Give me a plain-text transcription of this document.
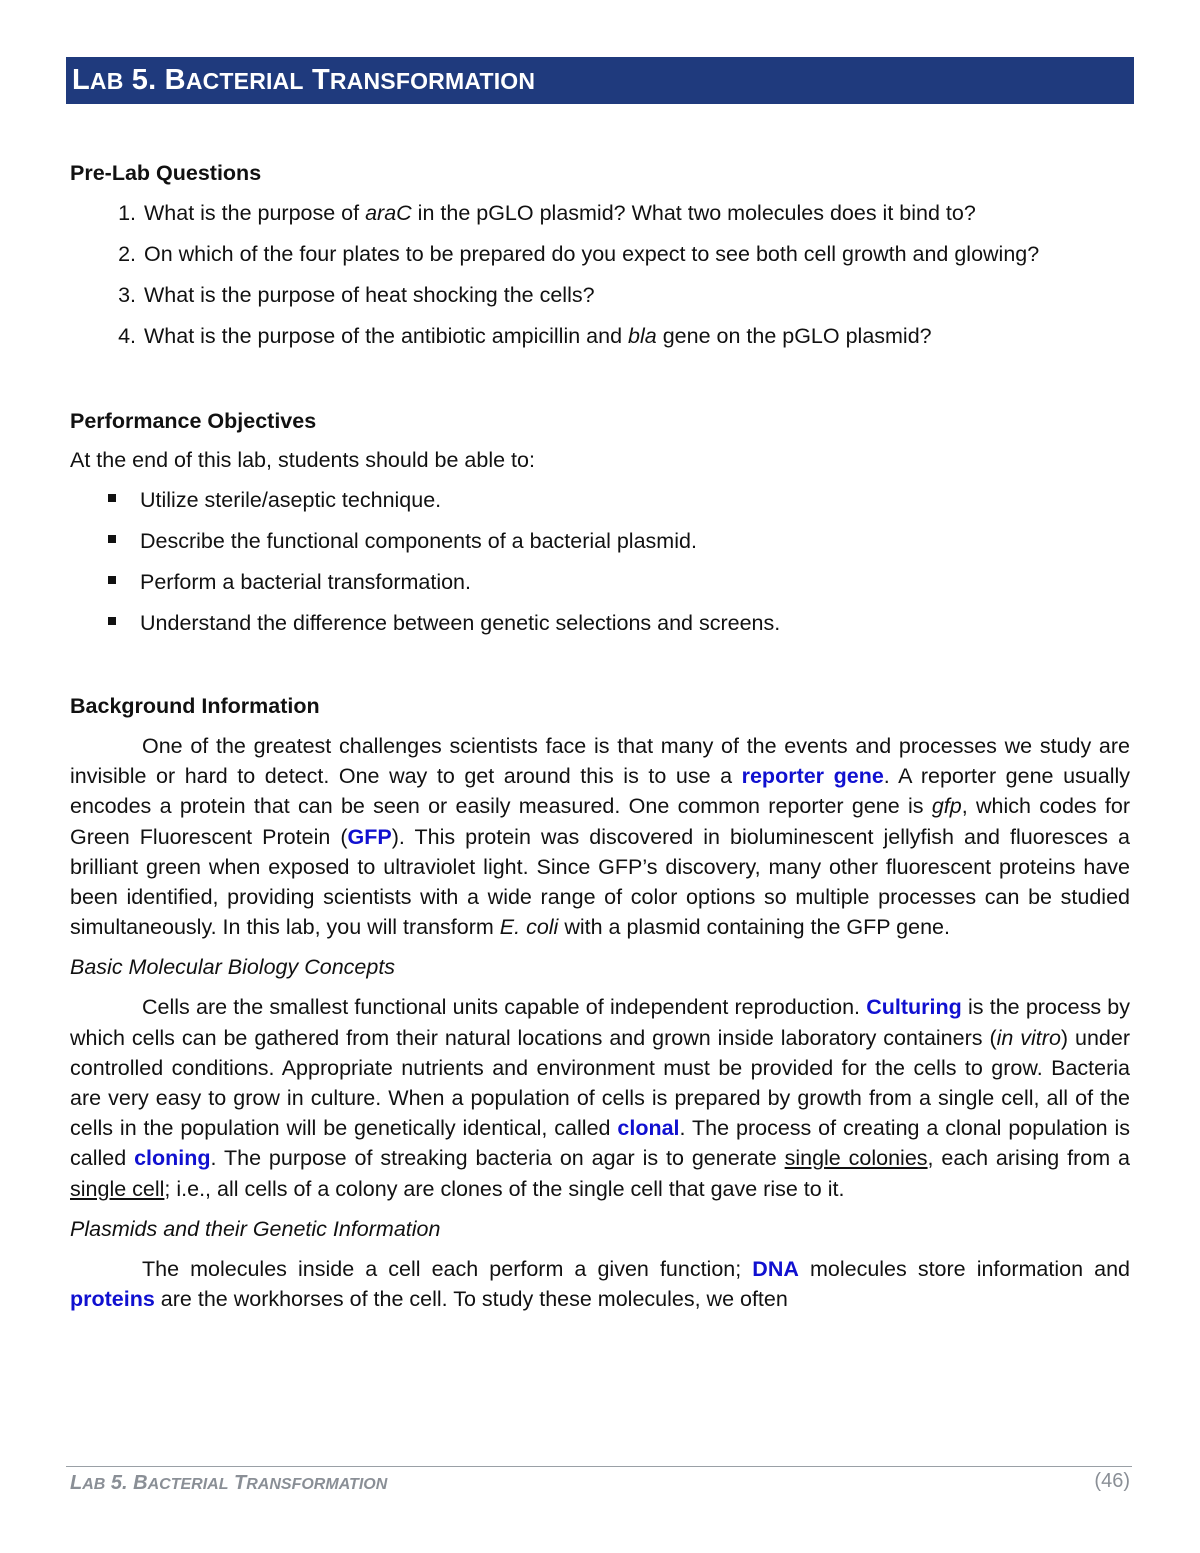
LAB 5. BACTERIAL TRANSFORMATION
Pre-Lab Questions
1. What is the purpose of araC in the pGLO plasmid? What two molecules does it bind to?
2. On which of the four plates to be prepared do you expect to see both cell growth and glowing?
3. What is the purpose of heat shocking the cells?
4. What is the purpose of the antibiotic ampicillin and bla gene on the pGLO plasmid?
Performance Objectives
At the end of this lab, students should be able to:
Utilize sterile/aseptic technique.
Describe the functional components of a bacterial plasmid.
Perform a bacterial transformation.
Understand the difference between genetic selections and screens.
Background Information

One of the greatest challenges scientists face is that many of the events and processes we study are invisible or hard to detect. One way to get around this is to use a reporter gene. A reporter gene usually encodes a protein that can be seen or easily measured. One common reporter gene is gfp, which codes for Green Fluorescent Protein (GFP). This protein was discovered in bioluminescent jellyfish and fluoresces a brilliant green when exposed to ultraviolet light. Since GFP’s discovery, many other fluorescent proteins have been identified, providing scientists with a wide range of color options so multiple processes can be studied simultaneously. In this lab, you will transform E. coli with a plasmid containing the GFP gene.

Basic Molecular Biology Concepts

Cells are the smallest functional units capable of independent reproduction. Culturing is the process by which cells can be gathered from their natural locations and grown inside laboratory containers (in vitro) under controlled conditions. Appropriate nutrients and environment must be provided for the cells to grow. Bacteria are very easy to grow in culture. When a population of cells is prepared by growth from a single cell, all of the cells in the population will be genetically identical, called clonal. The process of creating a clonal population is called cloning. The purpose of streaking bacteria on agar is to generate single colonies, each arising from a single cell; i.e., all cells of a colony are clones of the single cell that gave rise to it.

Plasmids and their Genetic Information

The molecules inside a cell each perform a given function; DNA molecules store information and proteins are the workhorses of the cell. To study these molecules, we often

LAB 5. BACTERIAL TRANSFORMATION	(46)
